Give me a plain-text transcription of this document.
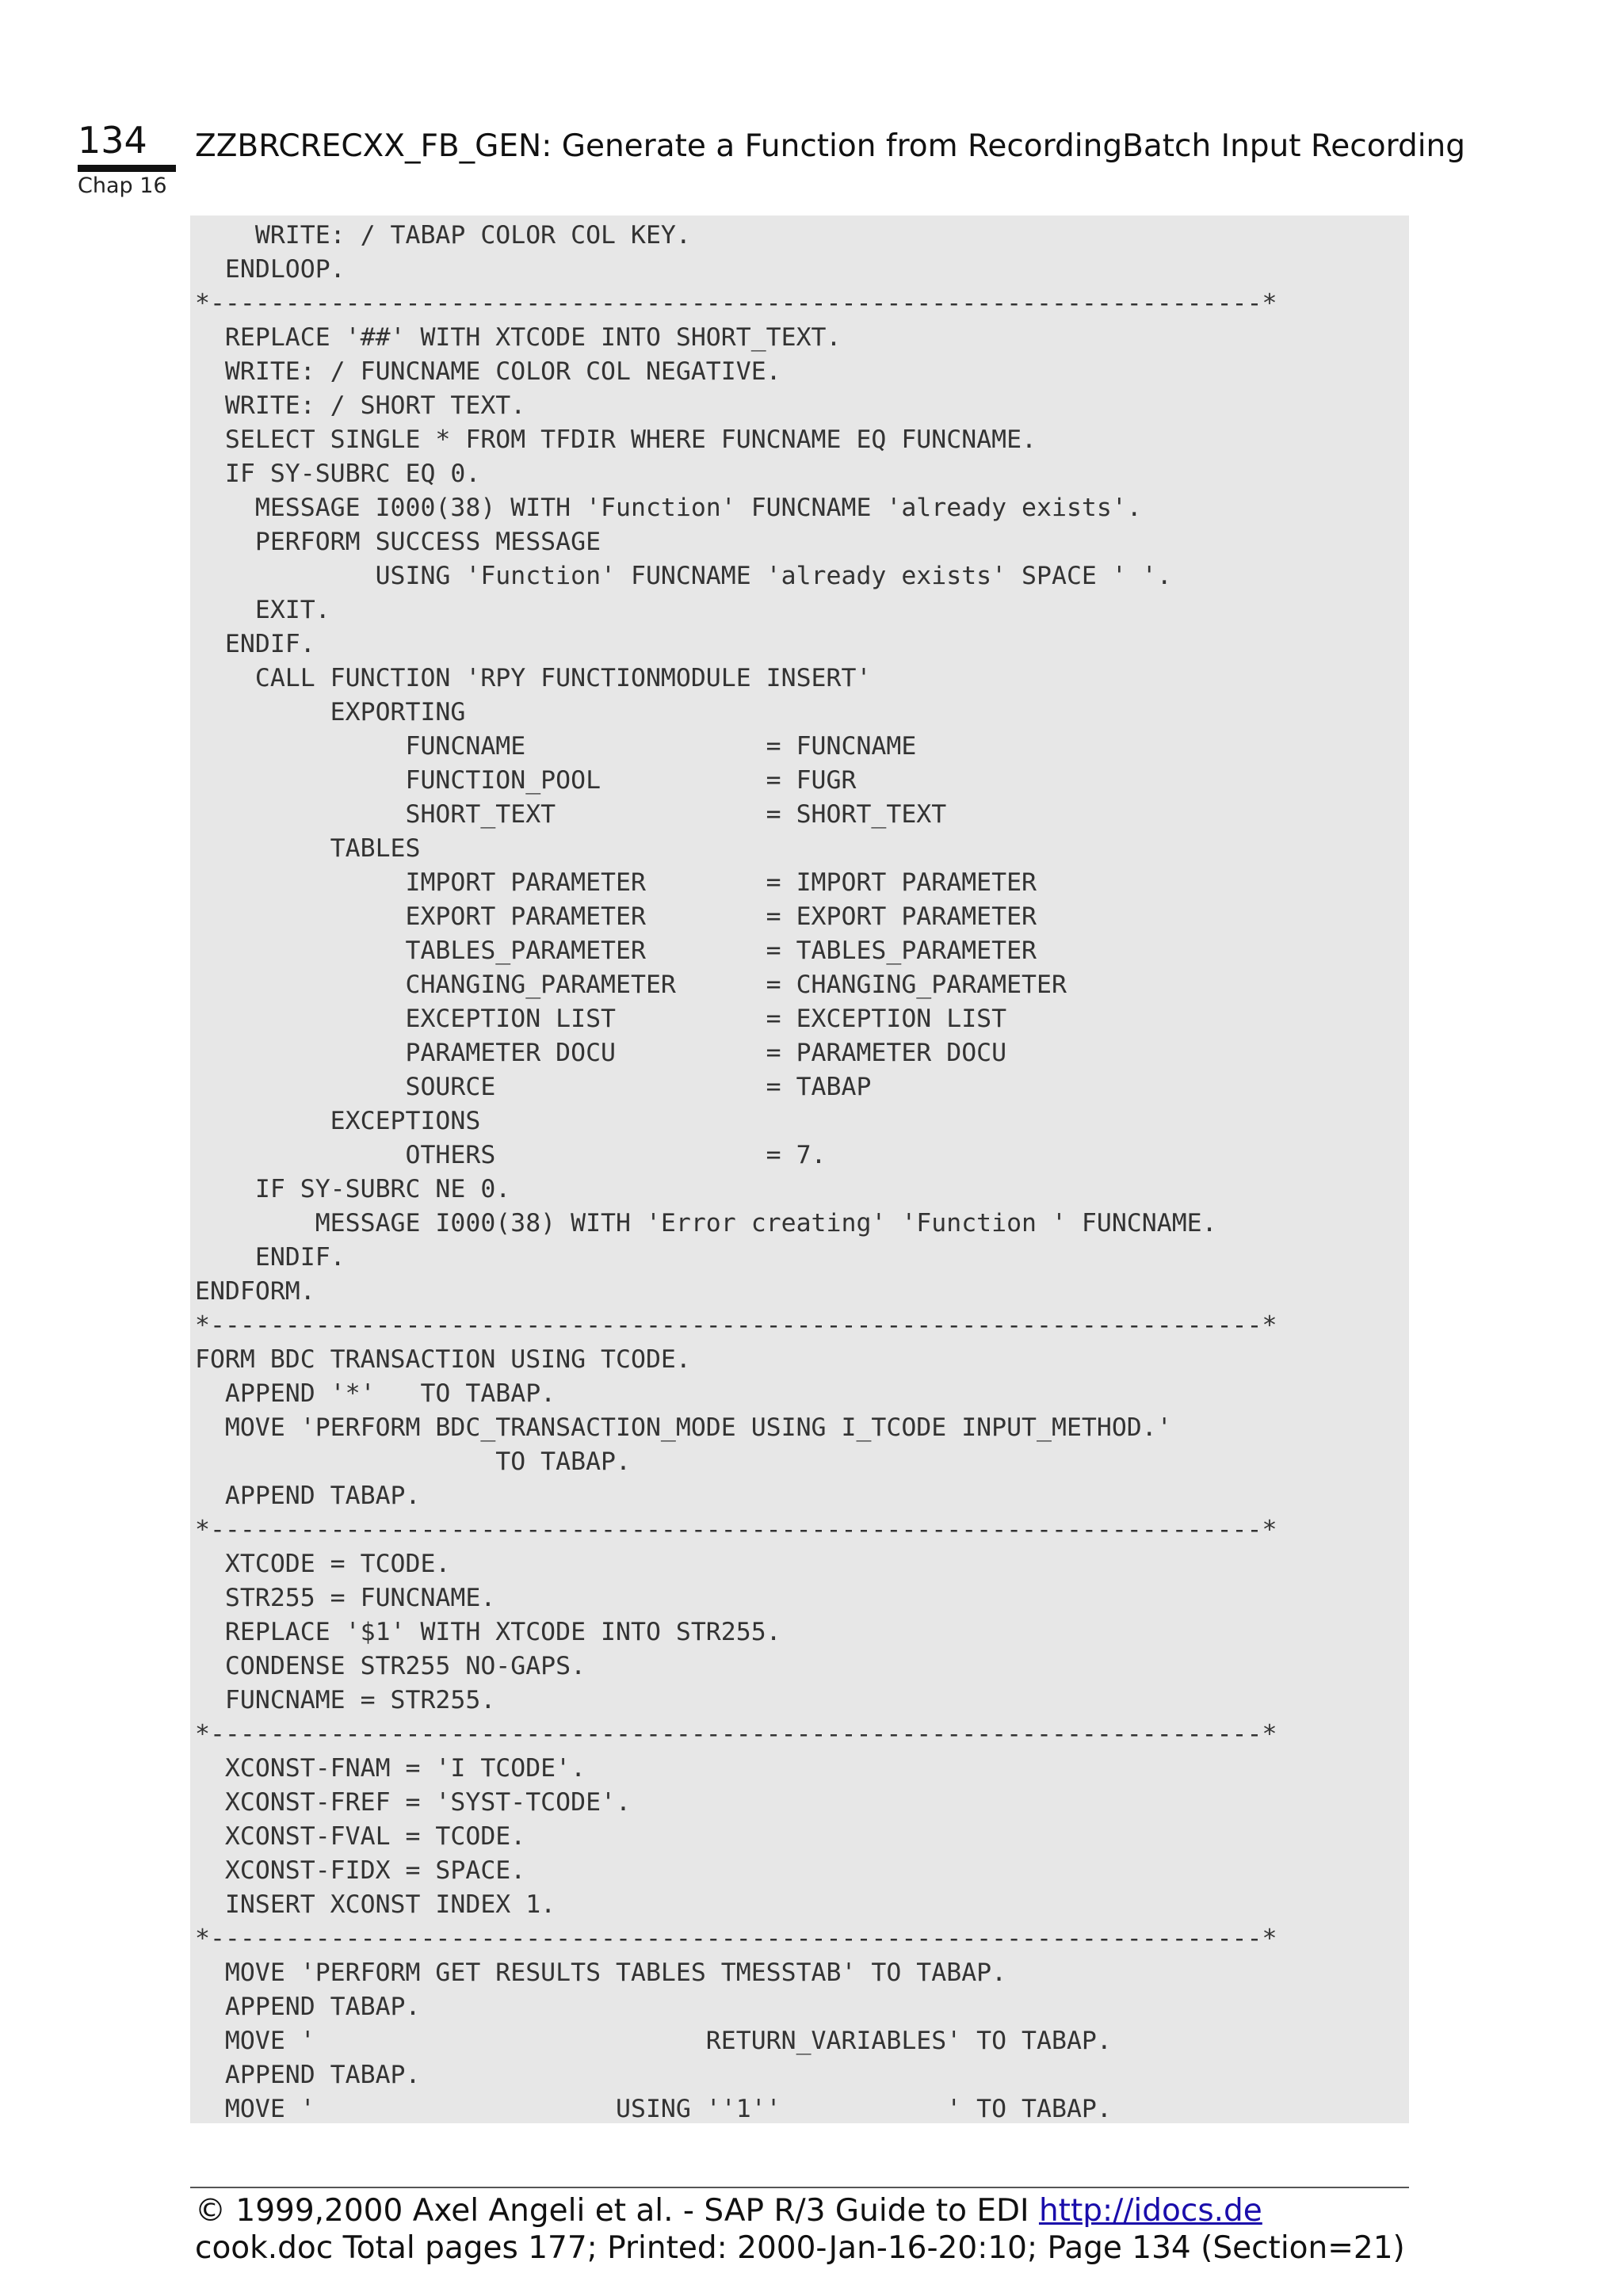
134
Chap 16
ZZBRCRECXX_FB_GEN: Generate a Function from RecordingBatch Input Recording
WRITE: / TABAP COLOR COL KEY.
ENDLOOP.
*----------------------------------------------------------------------*
REPLACE '##' WITH XTCODE INTO SHORT_TEXT.
WRITE: / FUNCNAME COLOR COL NEGATIVE.
WRITE: / SHORT TEXT.
SELECT SINGLE * FROM TFDIR WHERE FUNCNAME EQ FUNCNAME.
IF SY-SUBRC EQ 0.
MESSAGE I000(38) WITH 'Function' FUNCNAME 'already exists'.
PERFORM SUCCESS MESSAGE
USING 'Function' FUNCNAME 'already exists' SPACE ' '.
EXIT.
ENDIF.
CALL FUNCTION 'RPY FUNCTIONMODULE INSERT'
EXPORTING
FUNCNAME                = FUNCNAME
FUNCTION_POOL           = FUGR
SHORT_TEXT              = SHORT_TEXT
TABLES
IMPORT PARAMETER        = IMPORT PARAMETER
EXPORT PARAMETER        = EXPORT PARAMETER
TABLES_PARAMETER        = TABLES_PARAMETER
CHANGING_PARAMETER      = CHANGING_PARAMETER
EXCEPTION LIST          = EXCEPTION LIST
PARAMETER DOCU          = PARAMETER DOCU
SOURCE                  = TABAP
EXCEPTIONS
OTHERS                  = 7.
IF SY-SUBRC NE 0.
MESSAGE I000(38) WITH 'Error creating' 'Function ' FUNCNAME.
ENDIF.
ENDFORM.
*----------------------------------------------------------------------*
FORM BDC TRANSACTION USING TCODE.
APPEND '*'   TO TABAP.
MOVE 'PERFORM BDC_TRANSACTION_MODE USING I_TCODE INPUT_METHOD.'
TO TABAP.
APPEND TABAP.
*----------------------------------------------------------------------*
XTCODE = TCODE.
STR255 = FUNCNAME.
REPLACE '$1' WITH XTCODE INTO STR255.
CONDENSE STR255 NO-GAPS.
FUNCNAME = STR255.
*----------------------------------------------------------------------*
XCONST-FNAM = 'I TCODE'.
XCONST-FREF = 'SYST-TCODE'.
XCONST-FVAL = TCODE.
XCONST-FIDX = SPACE.
INSERT XCONST INDEX 1.
*----------------------------------------------------------------------*
MOVE 'PERFORM GET RESULTS TABLES TMESSTAB' TO TABAP.
APPEND TABAP.
MOVE '                          RETURN_VARIABLES' TO TABAP.
APPEND TABAP.
MOVE '                    USING ''1''           ' TO TABAP.
© 1999,2000 Axel Angeli et al. - SAP R/3 Guide to EDI http://idocs.de
cook.doc Total pages 177; Printed: 2000-Jan-16-20:10; Page 134 (Section=21)
